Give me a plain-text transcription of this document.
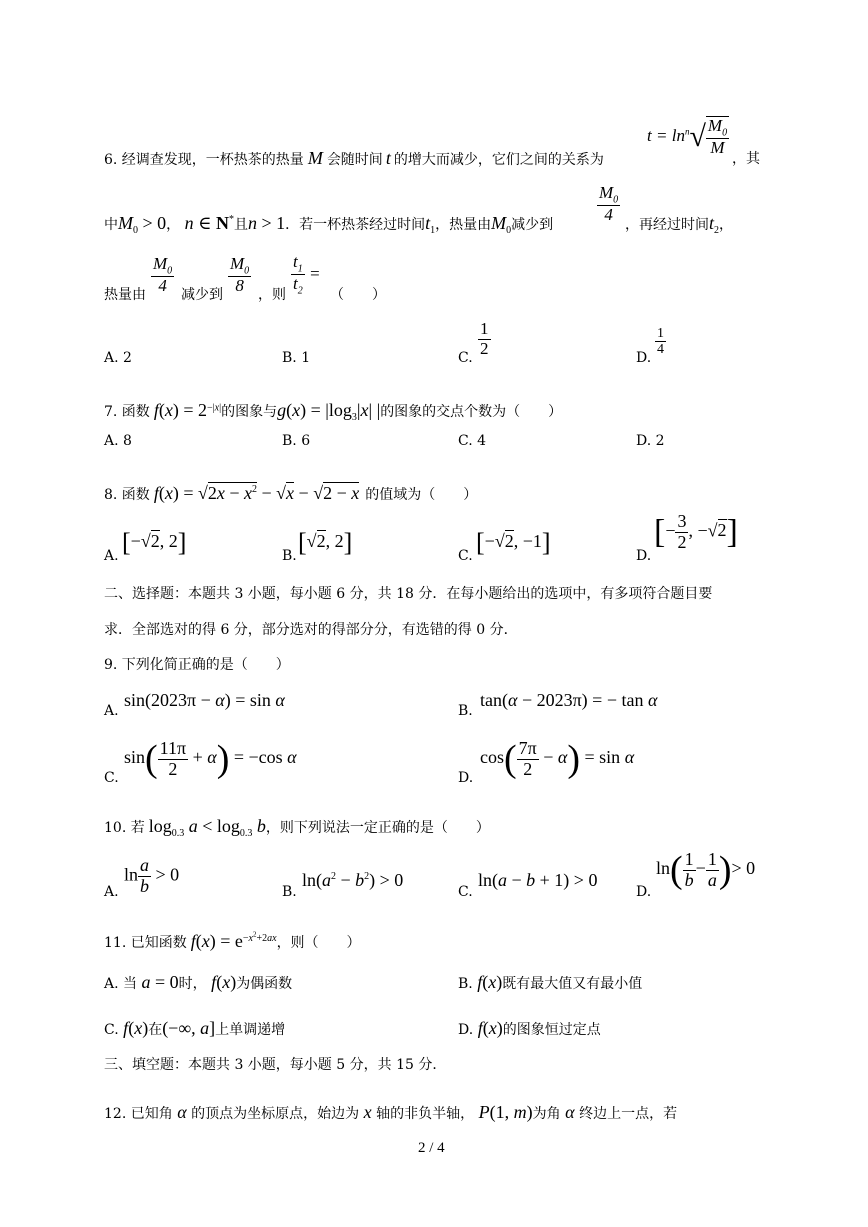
6. 经调查发现，一杯热茶的热量 M 会随时间 t 的增大而减少，它们之间的关系为
$t = \ln^n√ \frac{M_0}{M}$
，其
中$M_0 > 0$， n ∈ N*且n > 1．若一杯热茶经过时间$t_1$，热量由$M_0$减少到	$\frac{M_0}{4}$ ，再经过时间$t_2$，
热量由 $\frac{M_0}{4}$ 减少到 $\frac{M_0}{8}$ ，则 $\frac{t_1}{t_2}$ =
（　　）
A. 2	B. 1	C. $\frac{1}{2}$	D.
$\frac{1}{4}$
7. 函数 $f(x) = 2^{-|x|}$的图象与$g(x) = |\log_3|x|$ |的图象的交点个数为（　　）
A. 8	B. 6	C. 4	D. 2
8. 函数 $f(x) = √2x - x^2 - √x - √2 - x$ 的值域为（　　）
A. [−√2, 2]	B. [√2, 2]	C. [−√2, −1]	D.
[− $\frac{3}{2}$ , −√2]
二、选择题：本题共 3 小题，每小题 6 分，共 18 分．在每小题给出的选项中，有多项符合题目要
求．全部选对的得 6 分，部分选对的得部分分，有选错的得 0 分．
9. 下列化简正确的是（　　）
A.
sin(2023π − α) = sin α
B.
tan(α − 2023π) = − tan α
C.
$\sin( \frac{11\pi}{2} + \alpha) = -\cos$ α
D.
$\cos( \frac{7\pi}{2} - \alpha) = \sin \alpha$
10. 若 $\log_{0.3} a < \log_{0.3} b$，则下列说法一定正确的是（　　）
A.
$\ln \frac{a}{b} > 0$
B.
$\ln(a^2 - b^2) > 0$
C.
ln(a − b + 1) > 0
D.
$\ln( \frac{1}{b} - \frac{1}{a}$ )> 0
11. 已知函数 $f(x) = e^{-x^2+2ax}$，则（　　）
A. 当 a = 0时， f(x)为偶函数	B. f(x)既有最大值又有最小值
C. f(x)在(−∞, a]上单调递增	D. f(x)的图象恒过定点
三、填空题：本题共 3 小题，每小题 5 分，共 15 分．
12. 已知角 α 的顶点为坐标原点，始边为 x 轴的非负半轴， P(1, m)为角 α 终边上一点，若
2 / 4
